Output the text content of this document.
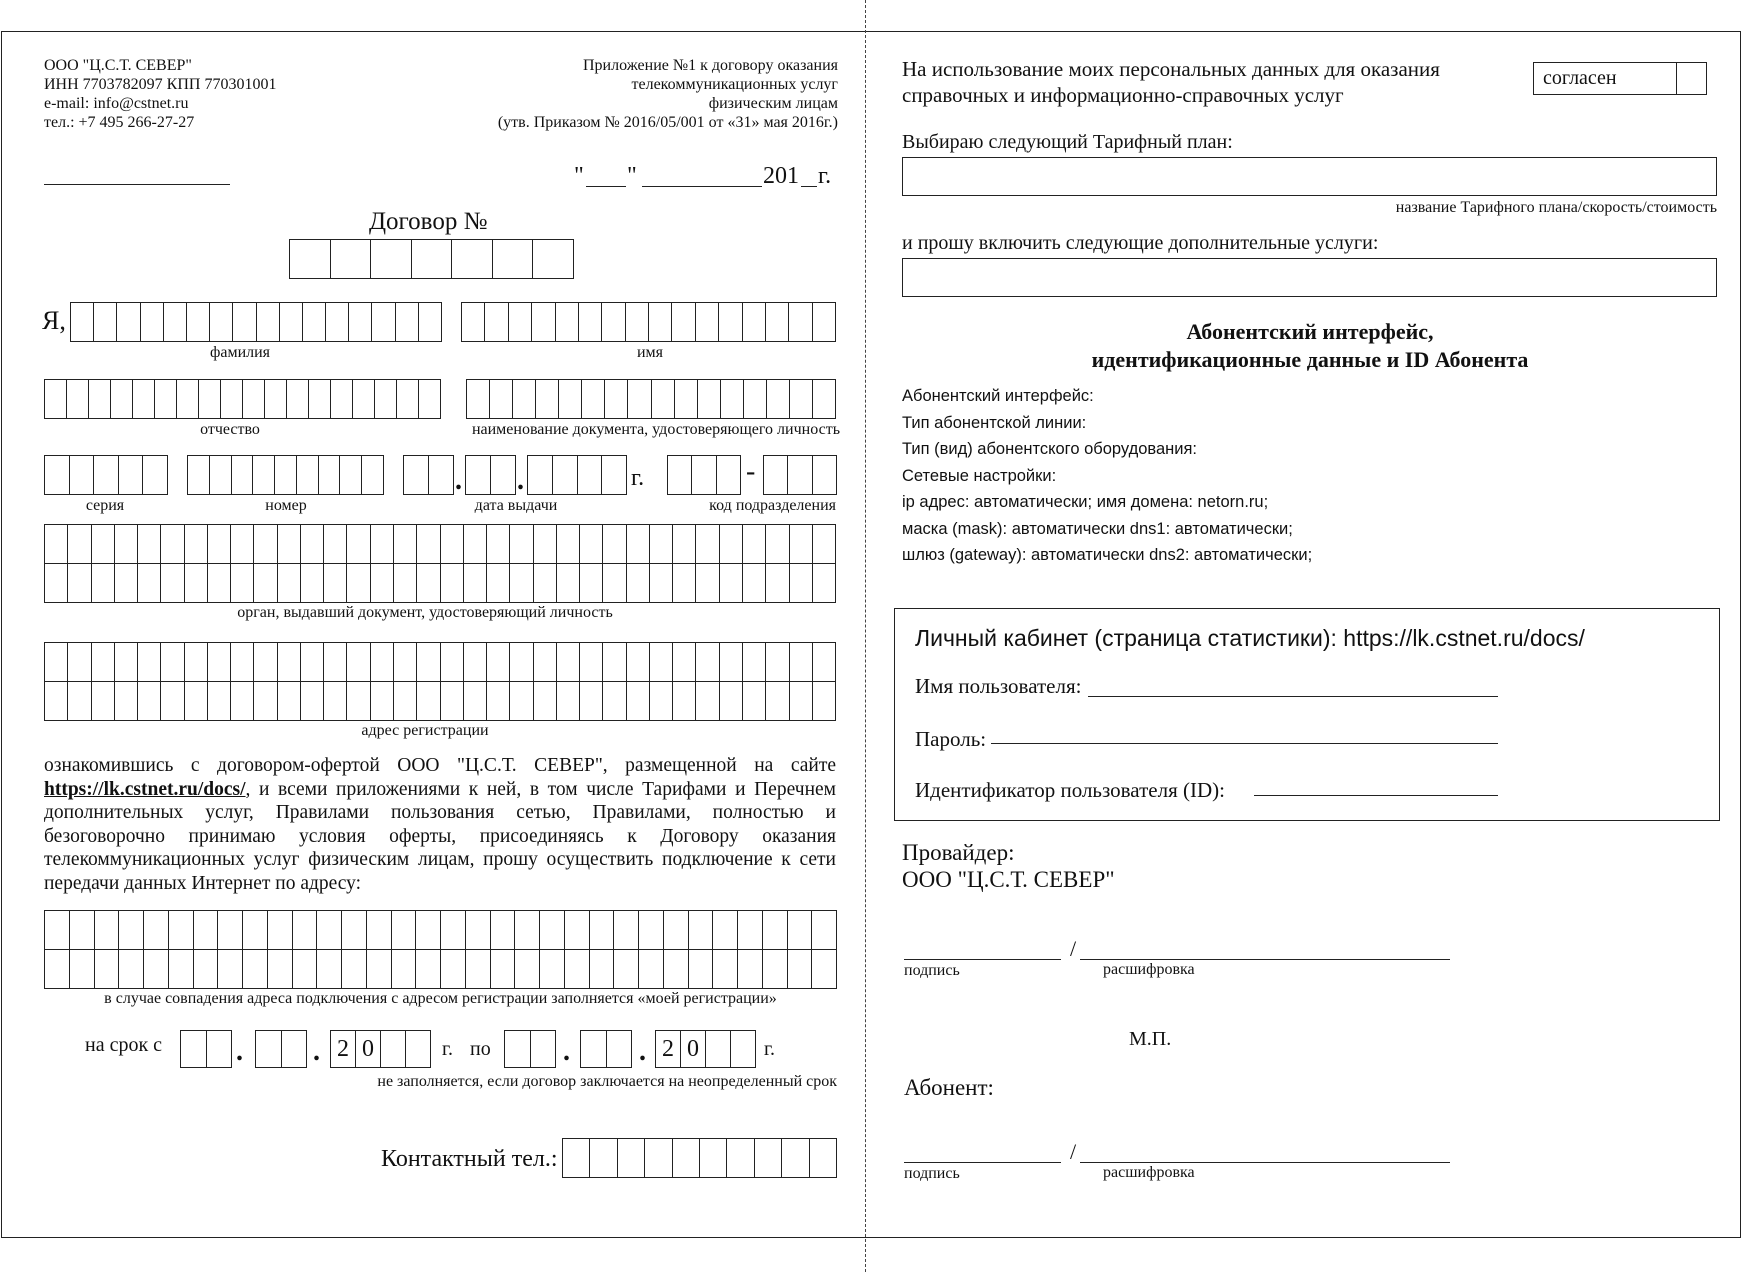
ООО "Ц.С.Т. СЕВЕР"
ИНН 7703782097 КПП 770301001
e-mail: info@cstnet.ru
тел.: +7 495 266-27-27
Приложение №1 к договору оказания
телекоммуникационных услуг
физическим лицам
(утв. Приказом № 2016/05/001 от «31» мая 2016г.)
" "	201 г.
Договор №
Я,
фамилия	имя
отчество	наименование документа, удостоверяющего личность
. .	г.	-
серия	номер	дата выдачи	код подразделения
орган, выдавший документ, удостоверяющий личность
адрес регистрации
ознакомившись с договором-офертой ООО "Ц.С.Т. СЕВЕР", размещенной на сайте https://lk.cstnet.ru/docs/, и всеми приложениями к ней, в том числе Тарифами и Перечнем дополнительных услуг, Правилами пользования сетью, Правилами, полностью и безоговорочно принимаю условия оферты, присоединяясь к Договору оказания телекоммуникационных услуг физическим лицам, прошу осуществить подключение к сети передачи данных Интернет по адресу:
в случае совпадения адреса подключения с адресом регистрации заполняется «моей регистрации»
на срок с	.	. 2 0	г. по	. . 2 0	г.
не заполняется, если договор заключается на неопределенный срок
Контактный тел.:
На использование моих персональных данных для оказания
справочных и информационно-справочных услуг
согласен
Выбираю следующий Тарифный план:
название Тарифного плана/скорость/стоимость
и прошу включить следующие дополнительные услуги:
Абонентский интерфейс,
идентификационные данные и ID Абонента
Абонентский интерфейс:
Тип абонентской линии:
Тип (вид) абонентского оборудования:
Сетевые настройки:
ip адрес: автоматически; имя домена: netorn.ru;
маска (mask): автоматически dns1: автоматически;
шлюз (gateway): автоматически dns2: автоматически;
Личный кабинет (страница статистики): https://lk.cstnet.ru/docs/
Имя пользователя:
Пароль:
Идентификатор пользователя (ID):
Провайдер:
ООО "Ц.С.Т. СЕВЕР"
/
подпись	расшифровка
М.П.
Абонент:
/
подпись	расшифровка
